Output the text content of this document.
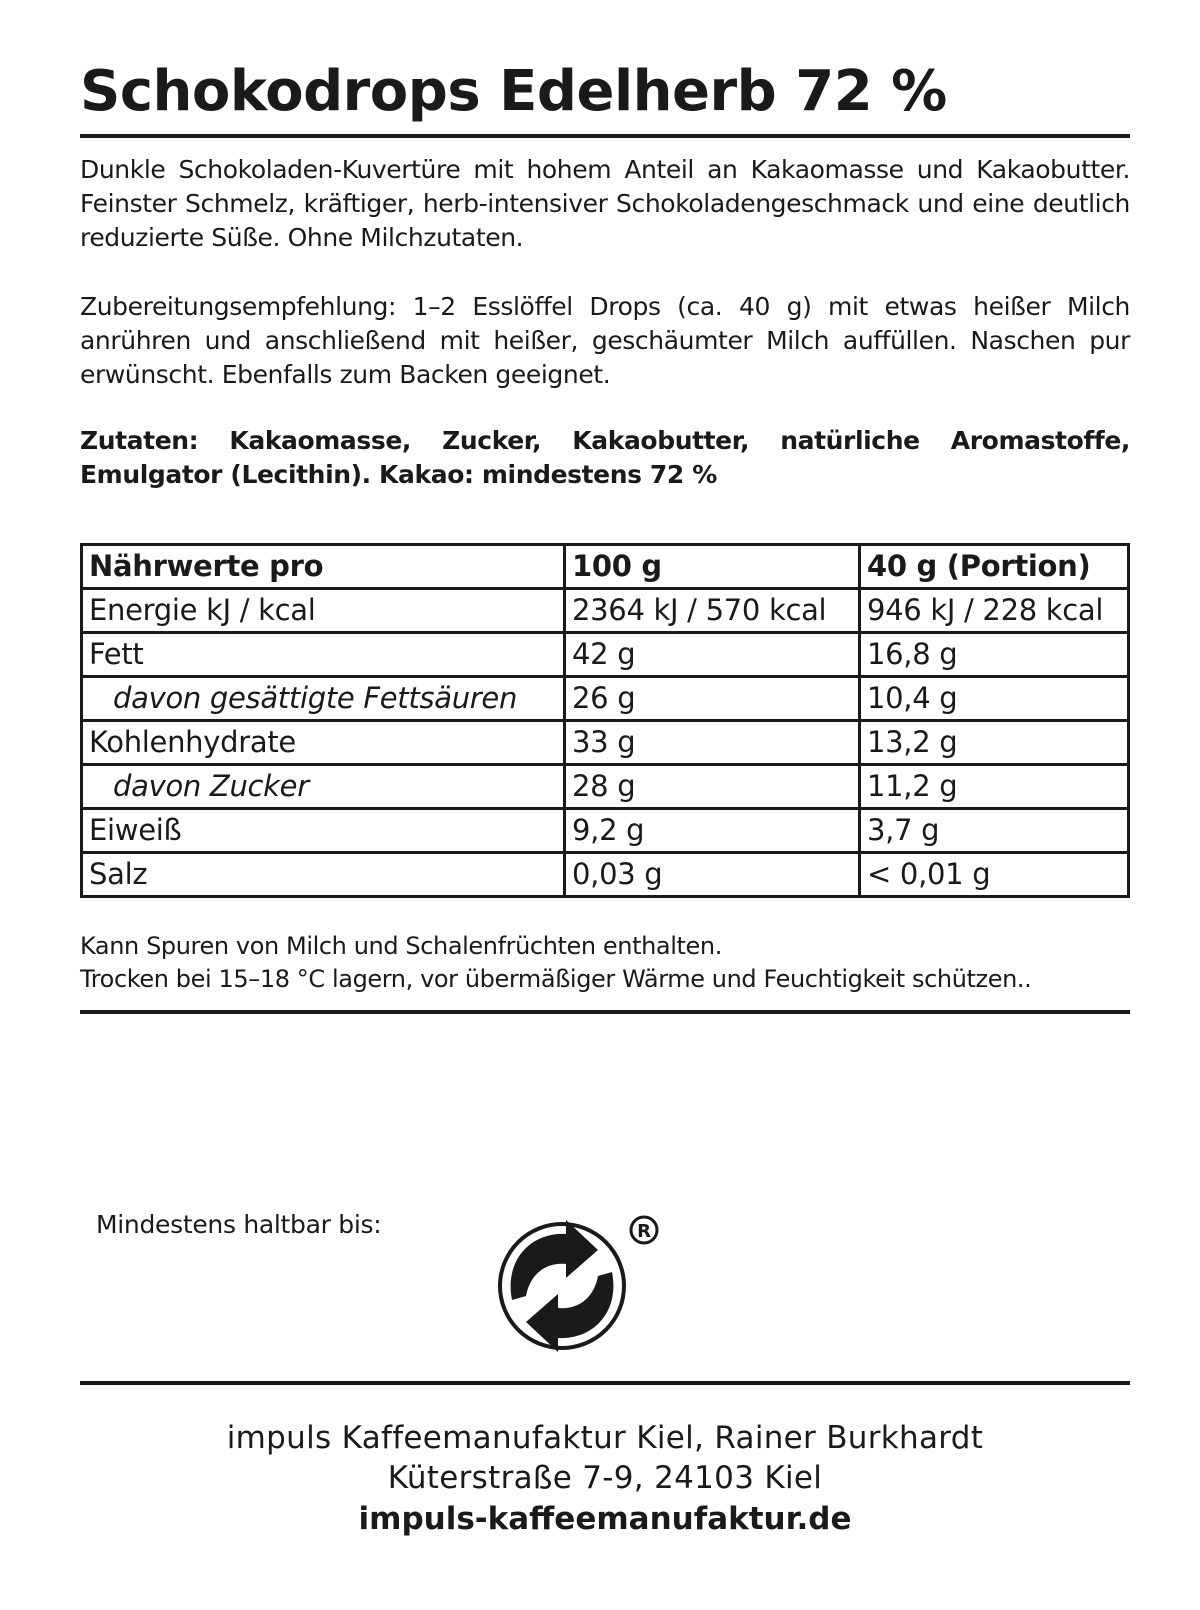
Schokodrops Edelherb 72 %
Dunkle Schokoladen-Kuvertüre mit hohem Anteil an Kakaomasse und Kakaobutter. Feinster Schmelz, kräftiger, herb-intensiver Schokoladengeschmack und eine deutlich reduzierte Süße. Ohne Milchzutaten.
Zubereitungsempfehlung: 1–2 Esslöffel Drops (ca. 40 g) mit etwas heißer Milch anrühren und anschließend mit heißer, geschäumter Milch auffüllen. Naschen pur erwünscht. Ebenfalls zum Backen geeignet.
Zutaten: Kakaomasse, Zucker, Kakaobutter, natürliche Aromastoffe, Emulgator (Lecithin). Kakao: mindestens 72 %
Nährwerte pro	100 g	40 g (Portion)
Energie kJ / kcal	2364 kJ / 570 kcal	946 kJ / 228 kcal
Fett	42 g	16,8 g
davon gesättigte Fettsäuren	26 g	10,4 g
Kohlenhydrate	33 g	13,2 g
davon Zucker	28 g	11,2 g
Eiweiß	9,2 g	3,7 g
Salz	0,03 g	< 0,01 g
Kann Spuren von Milch und Schalenfrüchten enthalten.
Trocken bei 15–18 °C lagern, vor übermäßiger Wärme und Feuchtigkeit schützen..
Mindestens haltbar bis:	R
impuls Kaffeemanufaktur Kiel, Rainer Burkhardt
Küterstraße 7-9, 24103 Kiel
impuls-kaffeemanufaktur.de
